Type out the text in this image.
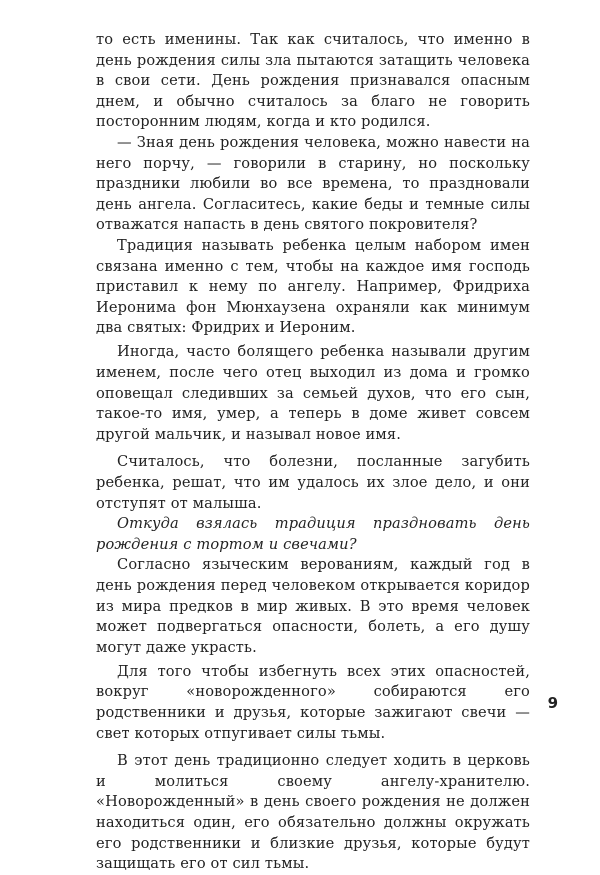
то есть именины. Так как считалось, что именно в день рождения силы зла пытаются затащить человека в свои сети. День рождения признавался опасным днем, и обычно считалось за благо не говорить посторонним людям, когда и кто родился.

— Зная день рождения человека, можно навести на него порчу, — говорили в старину, но поскольку праздники любили во все времена, то праздновали день ангела. Согласитесь, какие беды и темные силы отважатся напасть в день святого покровителя?

Традиция называть ребенка целым набором имен связана именно с тем, чтобы на каждое имя господь приставил к нему по ангелу. Например, Фридриха Иеронима фон Мюнхаузена охраняли как минимум два святых: Фридрих и Иероним.

Иногда, часто болящего ребенка называли другим именем, после чего отец выходил из дома и громко оповещал следивших за семьей духов, что его сын, такое-то имя, умер, а теперь в доме живет совсем другой мальчик, и называл новое имя.

Считалось, что болезни, посланные загубить ребенка, решат, что им удалось их злое дело, и они отступят от малыша.

Откуда взялась традиция праздновать день рождения с тортом и свечами?

Согласно языческим верованиям, каждый год в день рождения перед человеком открывается коридор из мира предков в мир живых. В это время человек может подвергаться опасности, болеть, а его душу могут даже украсть.

Для того чтобы избегнуть всех этих опасностей, вокруг «новорожденного» собираются его родственники и друзья, которые зажигают свечи — свет которых отпугивает силы тьмы.

В этот день традиционно следует ходить в церковь и молиться своему ангелу-хранителю. «Новорожденный» в день своего рождения не должен находиться один, его обязательно должны окружать его родственники и близкие друзья, которые будут защищать его от сил тьмы.

9
